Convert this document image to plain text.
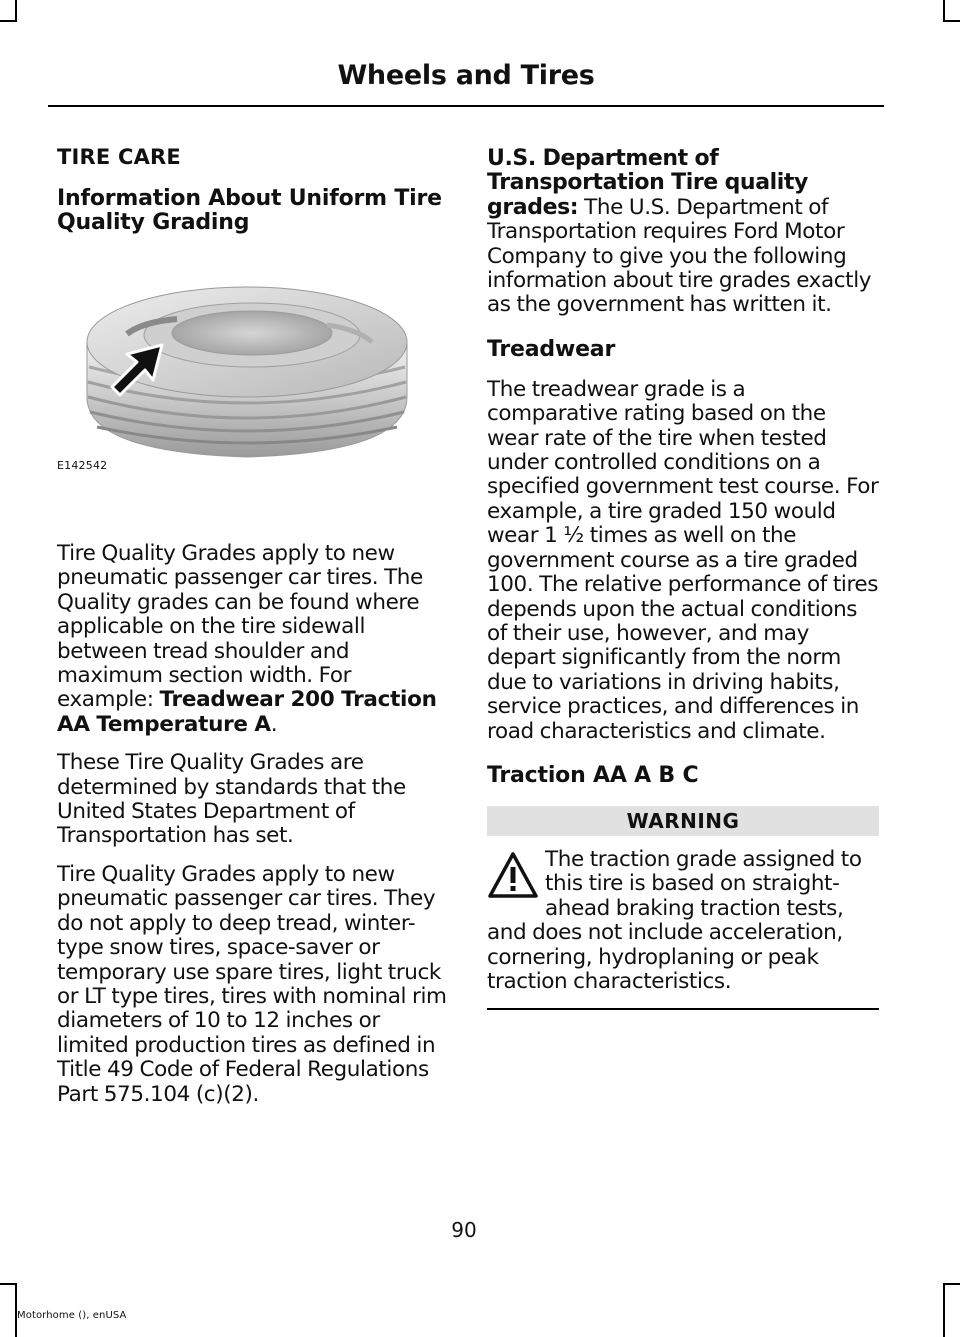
Wheels and Tires
TIRE CARE
Information About Uniform Tire Quality Grading
E142542

Tire Quality Grades apply to new pneumatic passenger car tires. The Quality grades can be found where applicable on the tire sidewall between tread shoulder and maximum section width. For example: Treadwear 200 Traction AA Temperature A.

These Tire Quality Grades are determined by standards that the United States Department of Transportation has set.

Tire Quality Grades apply to new pneumatic passenger car tires. They do not apply to deep tread, winter-type snow tires, space-saver or temporary use spare tires, light truck or LT type tires, tires with nominal rim diameters of 10 to 12 inches or limited production tires as defined in Title 49 Code of Federal Regulations Part 575.104 (c)(2).

U.S. Department of Transportation Tire quality grades: The U.S. Department of Transportation requires Ford Motor Company to give you the following information about tire grades exactly as the government has written it.

Treadwear

The treadwear grade is a comparative rating based on the wear rate of the tire when tested under controlled conditions on a specified government test course. For example, a tire graded 150 would wear 1 ½ times as well on the government course as a tire graded 100. The relative performance of tires depends upon the actual conditions of their use, however, and may depart significantly from the norm due to variations in driving habits, service practices, and differences in road characteristics and climate.

Traction AA A B C
WARNING
The traction grade assigned to this tire is based on straight-ahead braking traction tests, and does not include acceleration, cornering, hydroplaning or peak traction characteristics.
90
Motorhome (), enUSA
